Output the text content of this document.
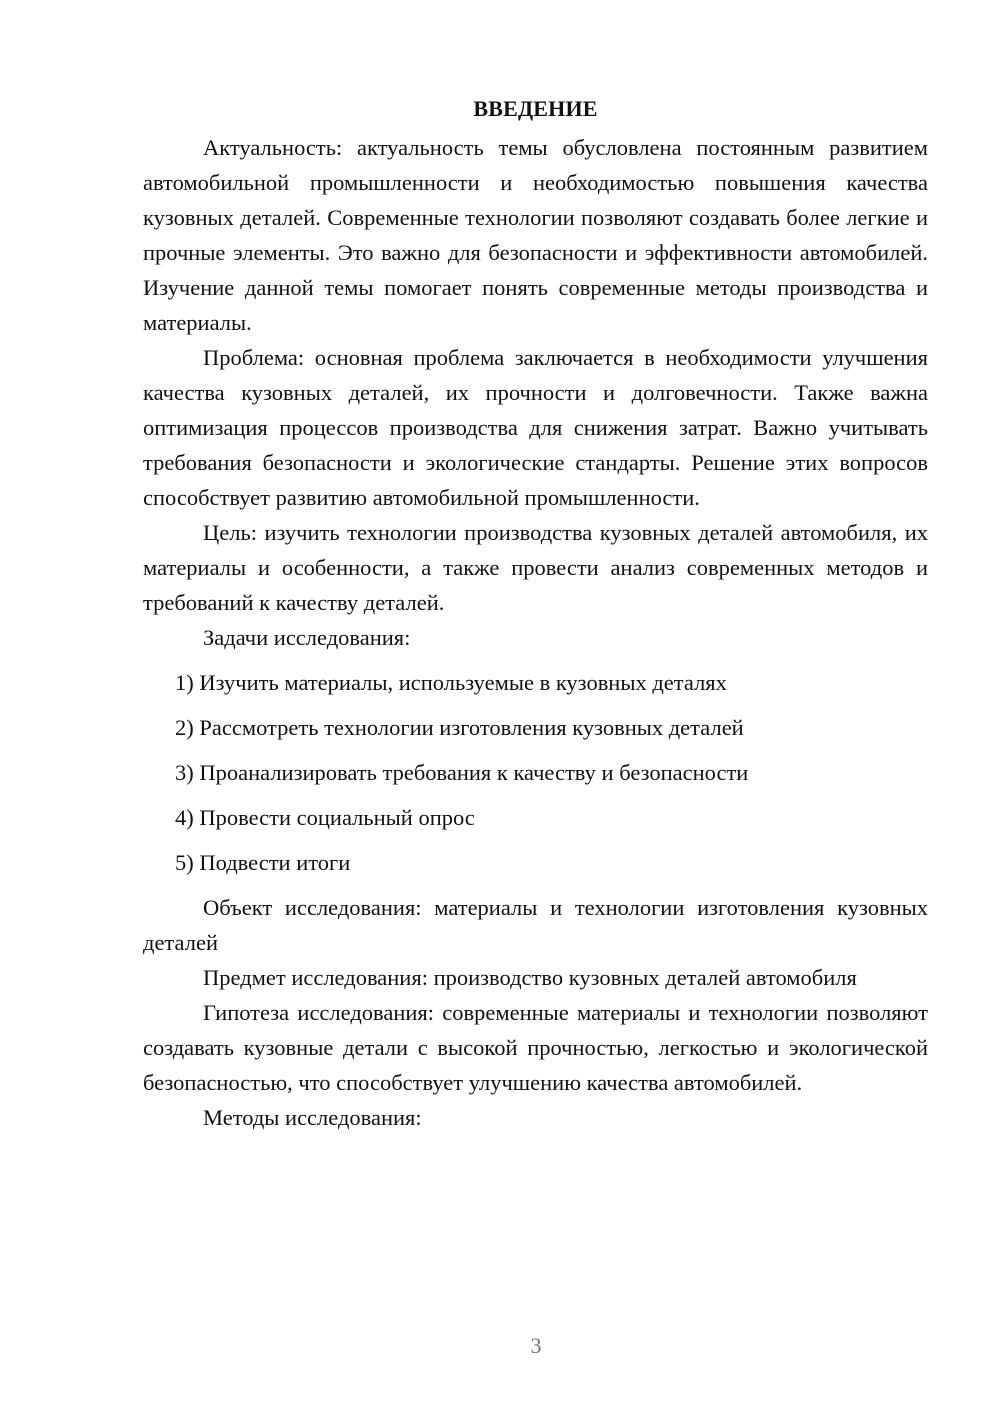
ВВЕДЕНИЕ

Актуальность: актуальность темы обусловлена постоянным развитием автомобильной промышленности и необходимостью повышения качества кузовных деталей. Современные технологии позволяют создавать более легкие и прочные элементы. Это важно для безопасности и эффективности автомобилей. Изучение данной темы помогает понять современные методы производства и материалы.

Проблема: основная проблема заключается в необходимости улучшения качества кузовных деталей, их прочности и долговечности. Также важна оптимизация процессов производства для снижения затрат. Важно учитывать требования безопасности и экологические стандарты. Решение этих вопросов способствует развитию автомобильной промышленности.

Цель: изучить технологии производства кузовных деталей автомобиля, их материалы и особенности, а также провести анализ современных методов и требований к качеству деталей.

Задачи исследования:

1) Изучить материалы, используемые в кузовных деталях
2) Рассмотреть технологии изготовления кузовных деталей
3) Проанализировать требования к качеству и безопасности
4) Провести социальный опрос
5) Подвести итоги

Объект исследования: материалы и технологии изготовления кузовных деталей

Предмет исследования: производство кузовных деталей автомобиля

Гипотеза исследования: современные материалы и технологии позволяют создавать кузовные детали с высокой прочностью, легкостью и экологической безопасностью, что способствует улучшению качества автомобилей.

Методы исследования:

3
